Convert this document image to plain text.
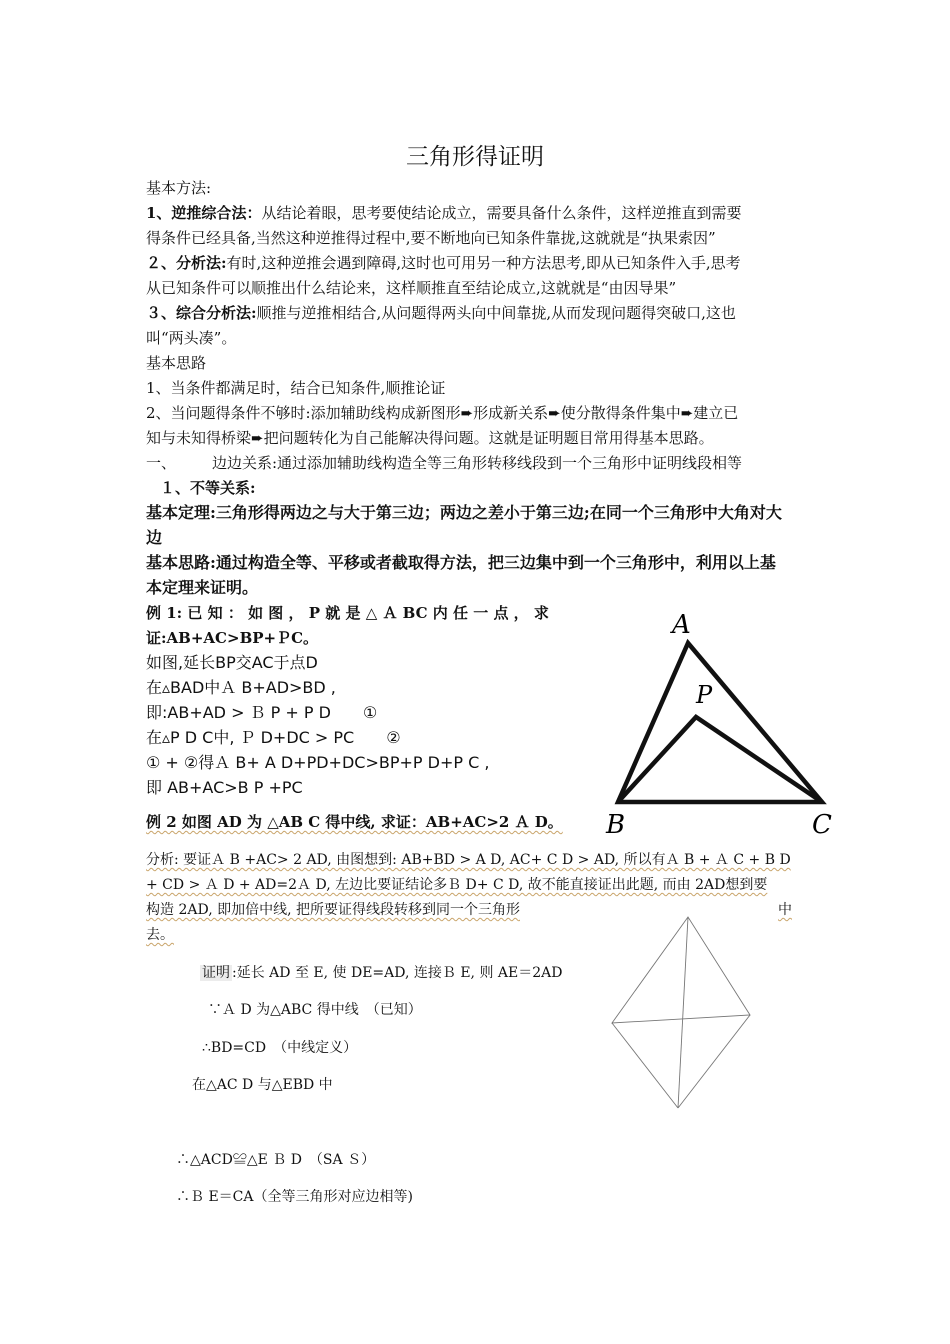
三角形得证明
基本方法:
1、逆推综合法：从结论着眼，思考要使结论成立，需要具备什么条件，这样逆推直到需要
得条件已经具备,当然这种逆推得过程中,要不断地向已知条件靠拢,这就就是“执果索因”
２、分析法:有时,这种逆推会遇到障碍,这时也可用另一种方法思考,即从已知条件入手,思考
从已知条件可以顺推出什么结论来，这样顺推直至结论成立,这就就是“由因导果”
３、综合分析法:顺推与逆推相结合,从问题得两头向中间靠拢,从而发现问题得突破口,这也
叫“两头凑”。
基本思路
1、当条件都满足时，结合已知条件,顺推论证
2、当问题得条件不够时:添加辅助线构成新图形➨形成新关系➨使分散得条件集中➨建立已
知与未知得桥梁➨把问题转化为自己能解决得问题。这就是证明题目常用得基本思路。
一、 边边关系:通过添加辅助线构造全等三角形转移线段到一个三角形中证明线段相等
１、不等关系:
基本定理:三角形得两边之与大于第三边；两边之差小于第三边;在同一个三角形中大角对大
边
基本思路:通过构造全等、平移或者截取得方法，把三边集中到一个三角形中，利用以上基
本定理来证明。
例 1: 已 知 ： 如 图 ， P 就 是 △ Ａ BC 内 任 一 点 ， 求
证:AB+AC>BP+ＰC。
如图,延长BP交AC于点D
在▵BAD中Ａ B+AD>BD ,
即:AB+AD > Ｂ P + P D　　①
在▵P D C中, Ｐ D+DC > PC　　②
① + ②得Ａ B+ A D+PD+DC>BP+P D+P C ,
即 AB+AC>B P +PC
A
P
B	C
例 2 如图 AD 为 △AB C 得中线, 求证：AB+AC>2 Ａ D。
分析: 要证Ａ B +AC> 2 AD, 由图想到: AB+BD > A D, AC+ C D > AD, 所以有Ａ B + Ａ C + B D
+ CD > Ａ D + AD=2Ａ D, 左边比要证结论多Ｂ D+ C D, 故不能直接证出此题, 而由 2AD想到要
构造 2AD, 即加倍中线, 把所要证得线段转移到同一个三角形	中
去。
证明 :延长 AD 至 E, 使 DE=AD, 连接Ｂ E, 则 AE＝2AD
∵Ａ D 为△ABC 得中线　（已知）
∴BD=CD　（中线定义）
在△AC D 与△EBD 中
∴△ACD≌△E Ｂ D　（SA Ｓ）
∴Ｂ E＝CA（全等三角形对应边相等)
